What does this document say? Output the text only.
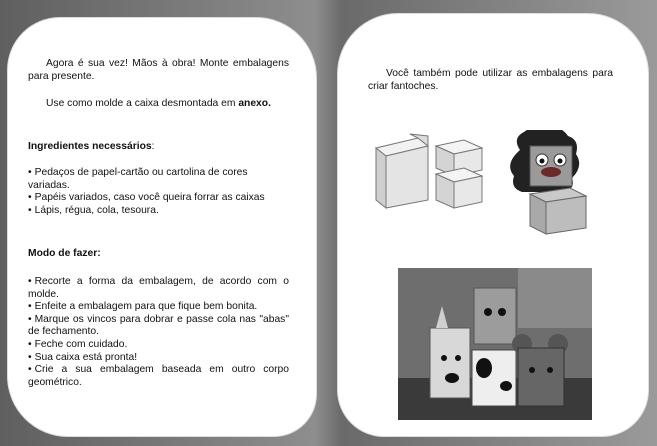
Agora é sua vez! Mãos à obra! Monte embalagens para presente.
Use como molde a caixa desmontada em anexo.
Ingredientes necessários:
• Pedaços de papel-cartão ou cartolina de cores variadas.
• Papéis variados, caso você queira forrar as caixas
• Lápis, régua, cola, tesoura.
Modo de fazer:
• Recorte a forma da embalagem, de acordo com o molde.
• Enfeite a embalagem para que fique bem bonita.
• Marque os vincos para dobrar e passe cola nas "abas" de fechamento.
• Feche com cuidado.
• Sua caixa está pronta!
• Crie a sua embalagem baseada em outro corpo geométrico.
Você também pode utilizar as embalagens para criar fantoches.
